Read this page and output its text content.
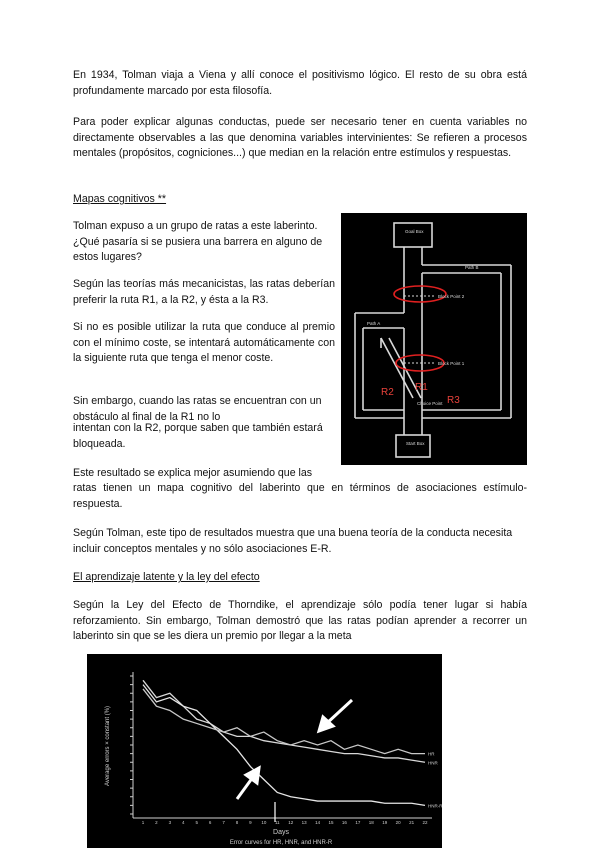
En 1934, Tolman viaja a Viena y allí conoce el positivismo lógico. El resto de su obra está profundamente marcado por esta filosofía.

Para poder explicar algunas conductas, puede ser necesario tener en cuenta variables no directamente observables a las que denomina variables intervinientes: Se refieren a procesos mentales (propósitos, cogniciones...) que median en la relación entre estímulos y respuestas.

Mapas cognitivos **

Tolman expuso a un grupo de ratas a este laberinto. ¿Qué pasaría si se pusiera una barrera en alguno de estos lugares?

Según las teorías más mecanicistas, las ratas deberían preferir la ruta R1, a la R2, y ésta a la R3.

Si no es posible utilizar la ruta que conduce al premio con el mínimo coste, se intentará automáticamente con la siguiente ruta que tenga el menor coste.

Sin embargo, cuando las ratas se encuentran con un obstáculo al final de la R1 no lo

intentan con la R2, porque saben que también estará bloqueada.

Este resultado se explica mejor asumiendo que las

ratas tienen un mapa cognitivo del laberinto que en términos de asociaciones estímulo-respuesta.

Según Tolman, este tipo de resultados muestra que una buena teoría de la conducta necesita incluir conceptos mentales y no sólo asociaciones E-R.

El aprendizaje latente y la ley del efecto

Según la Ley del Efecto de Thorndike, el aprendizaje sólo podía tener lugar si había reforzamiento. Sin embargo, Tolman demostró que las ratas podían aprender a recorrer un laberinto sin que se les diera un premio por llegar a la meta

Goal Box
Start Box
Block Point 2
Block Point 1
Path B
Path A
Choice Point
R1
R2
R3
1 2 3 4 5 6 7 8 9 10 11 12 13 14 15 16 17 18 19 20 21 22
HNR
HNR-R
HR
Average errors × constant (%)
Days
Error curves for HR, HNR, and HNR-R
